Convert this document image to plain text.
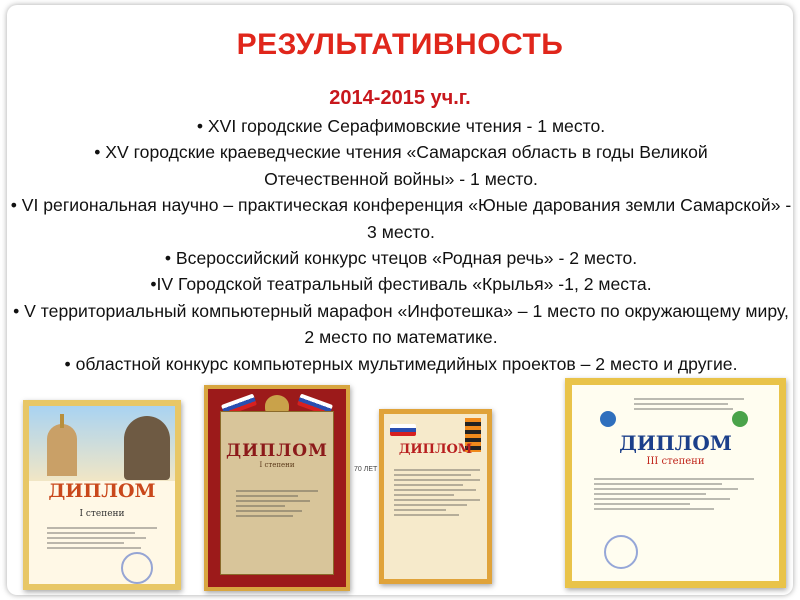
РЕЗУЛЬТАТИВНОСТЬ
2014-2015 уч.г.

• XVI городские Серафимовские чтения - 1 место.

• XV городские краеведческие чтения «Самарская область в годы Великой Отечественной войны» - 1 место.

• VI региональная научно – практическая конференция «Юные дарования земли Самарской» - 3 место.

• Всероссийский конкурс чтецов «Родная речь» - 2 место.

•IV Городской театральный фестиваль «Крылья» -1, 2 места.

• V территориальный компьютерный марафон «Инфотешка» – 1 место по окружающему миру, 2 место по математике.

• областной конкурс компьютерных мультимедийных проектов – 2 место и другие.

ДИПЛОМ
I степени
ДИПЛОМ
I степени
ДИПЛОМ
70 ЛЕТ
ДИПЛОМ
III степени
